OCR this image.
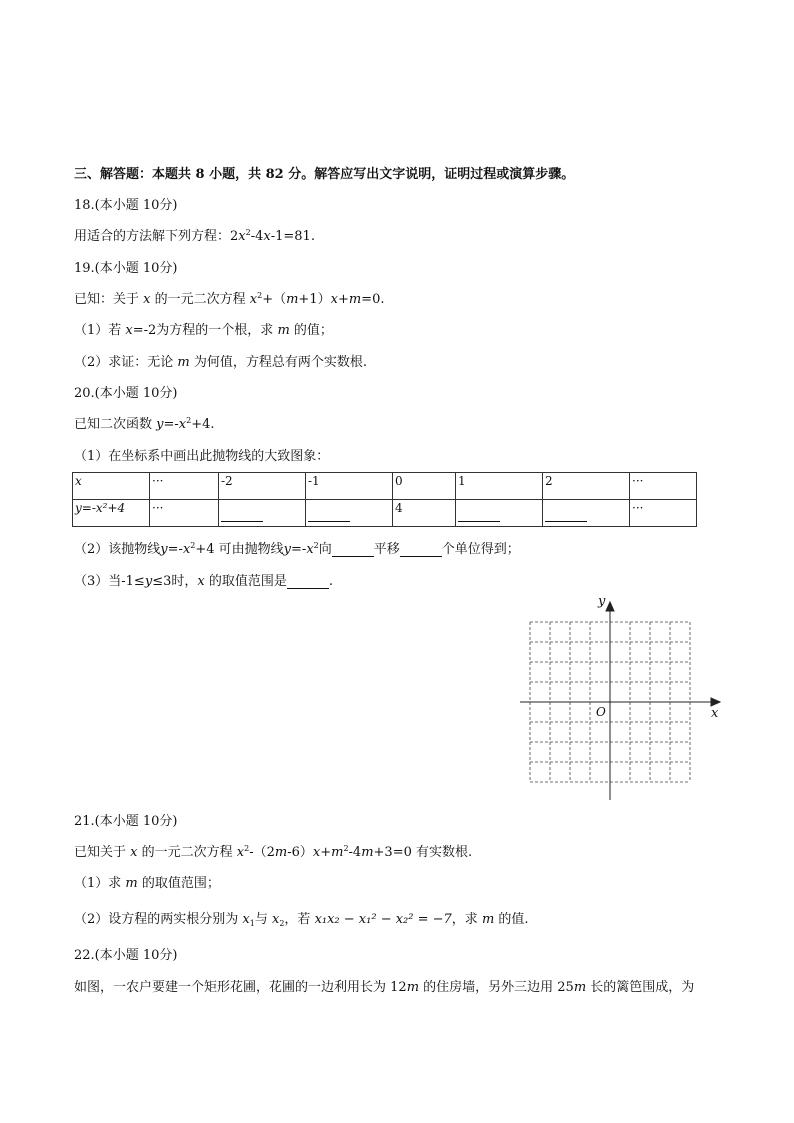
三、解答题：本题共 8 小题，共 82 分。解答应写出文字说明，证明过程或演算步骤。
18.(本小题 10分)
用适合的方法解下列方程：$2x^2-4x-1=81$.
19.(本小题 10分)
已知：关于 x 的一元二次方程 $x^2+(m+1)x+m=0$.
（1）若 x=-2为方程的一个根，求 m 的值；
（2）求证：无论 m 为何值，方程总有两个实数根.
20.(本小题 10分)
已知二次函数 $y=-x^2+4$.
（1）在坐标系中画出此抛物线的大致图象：
x	···	-2	-1	0	1	2	···
y=-x²+4	···			4			···
（2）该抛物线$y=-x^2+4$ 可由抛物线$y=-x^2$向	平移	个单位得到；
（3）当-1≤y≤3时，x 的取值范围是	.
x
y
O
21.(本小题 10分)
已知关于 x 的一元二次方程 $x^2-(2m-6)x+m^2-4m+3=0$ 有实数根.
（1）求 m 的取值范围；
（2）设方程的两实根分别为 $x_1$与 $x_2$，若 x₁x₂ − x₁² − x₂² = −7，求 m 的值.
22.(本小题 10分)
如图，一农户要建一个矩形花圃，花圃的一边利用长为 12m 的住房墙，另外三边用 25m 长的篱笆围成，为
